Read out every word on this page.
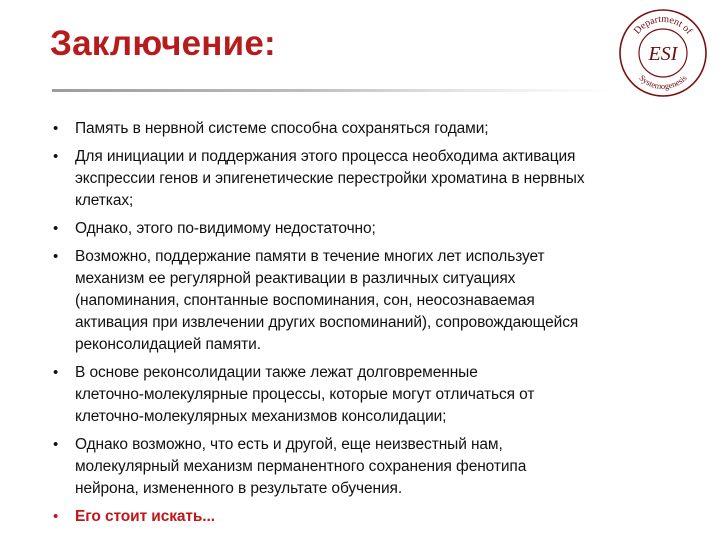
Заключение:	Department of
ESI
Systemogenesis
• Память в нервной системе способна сохраняться годами;
• Для инициации и поддержания этого процесса необходима активация
экспрессии генов и эпигенетические перестройки хроматина в нервных
клетках;
• Однако, этого по-видимому недостаточно;
• Возможно, поддержание памяти в течение многих лет использует
механизм ее регулярной реактивации в различных ситуациях
(напоминания, спонтанные воспоминания, сон, неосознаваемая
активация при извлечении других воспоминаний), сопровождающейся
реконсолидацией памяти.
• В основе реконсолидации также лежат долговременные
клеточно-молекулярные процессы, которые могут отличаться от
клеточно-молекулярных механизмов консолидации;
• Однако возможно, что есть и другой, еще неизвестный нам,
молекулярный механизм перманентного сохранения фенотипа
нейрона, измененного в результате обучения.
• Его стоит искать...
